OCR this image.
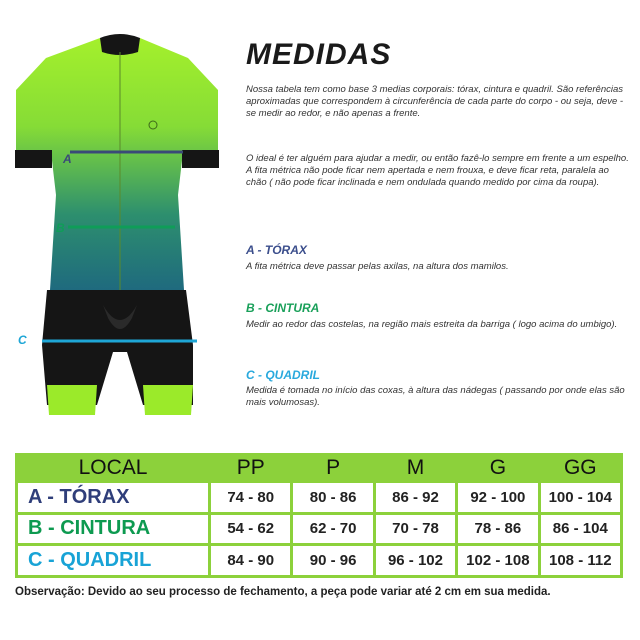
A
B
C
MEDIDAS

Nossa tabela tem como base 3 medias corporais: tórax, cintura e quadril. São referências aproximadas que correspondem à circunferência de cada parte do corpo - ou seja, deve - se medir ao redor, e não apenas a frente.

O ideal é ter alguém para ajudar a medir, ou então fazê-lo sempre em frente a um espelho. A fita métrica não pode ficar nem apertada e nem frouxa, e deve ficar reta, paralela ao chão ( não pode ficar inclinada e nem ondulada quando medido por cima da roupa).

A - TÓRAX

A fita métrica deve passar pelas axilas, na altura dos mamilos.

B - CINTURA

Medir ao redor das costelas, na região mais estreita da barriga ( logo acima do umbigo).

C - QUADRIL

Medida é tomada no início das coxas, à altura das nádegas ( passando por onde elas são mais volumosas).

LOCAL	PP	P	M	G	GG
A - TÓRAX	74 - 80	80 - 86	86 - 92	92 - 100	100 - 104
B - CINTURA	54 - 62	62 - 70	70 - 78	78 - 86	86 - 104
C - QUADRIL	84 - 90	90 - 96	96 - 102	102 - 108	108 - 112

Observação: Devido ao seu processo de fechamento, a peça pode variar até 2 cm em sua medida.
